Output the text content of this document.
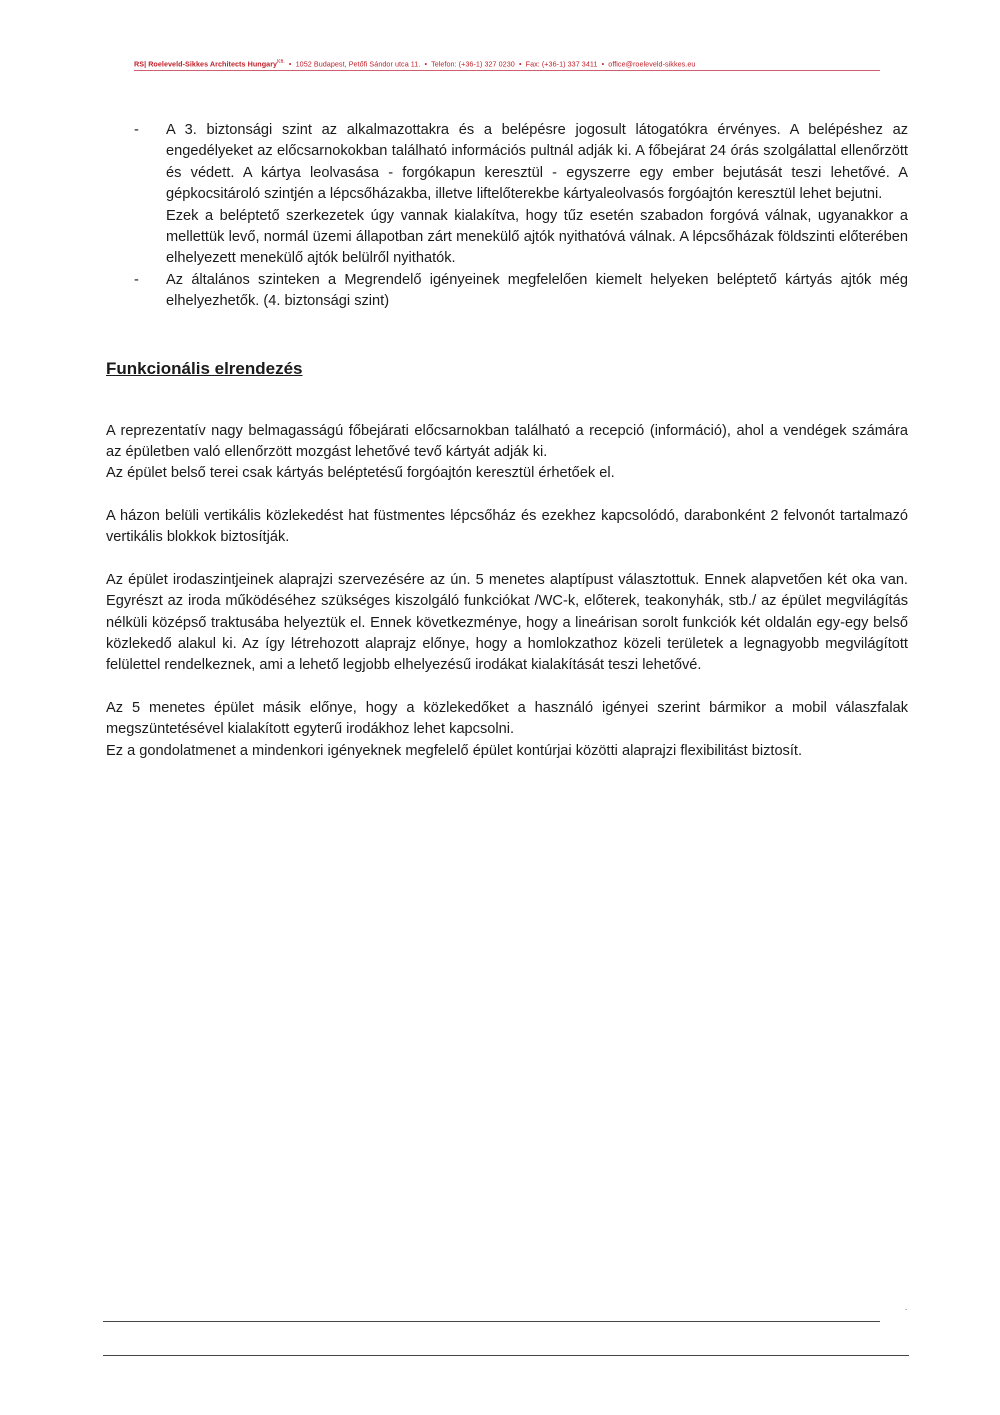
RS| Roeleveld-Sikkes Architects Hungary$^{Kft.}$ • 1052 Budapest, Petőfi Sándor utca 11. • Telefon: (+36-1) 327 0230 • Fax: (+36-1) 337 3411 • office@roeleveld-sikkes.eu
-	A 3. biztonsági szint az alkalmazottakra és a belépésre jogosult látogatókra érvényes. A belépéshez az engedélyeket az előcsarnokokban található információs pultnál adják ki. A főbejárat 24 órás szolgálattal ellenőrzött és védett. A kártya leolvasása - forgókapun keresztül - egyszerre egy ember bejutását teszi lehetővé. A gépkocsitároló szintjén a lépcsőházakba, illetve liftelőterekbe kártyaleolvasós forgóajtón keresztül lehet bejutni.

Ezek a beléptető szerkezetek úgy vannak kialakítva, hogy tűz esetén szabadon forgóvá válnak, ugyanakkor a mellettük levő, normál üzemi állapotban zárt menekülő ajtók nyithatóvá válnak. A lépcsőházak földszinti előterében elhelyezett menekülő ajtók belülről nyithatók.

-	Az általános szinteken a Megrendelő igényeinek megfelelően kiemelt helyeken beléptető kártyás ajtók még elhelyezhetők. (4. biztonsági szint)

Funkcionális elrendezés

A reprezentatív nagy belmagasságú főbejárati előcsarnokban található a recepció (információ), ahol a vendégek számára az épületben való ellenőrzött mozgást lehetővé tevő kártyát adják ki.

Az épület belső terei csak kártyás beléptetésű forgóajtón keresztül érhetőek el.

A házon belüli vertikális közlekedést hat füstmentes lépcsőház és ezekhez kapcsolódó, darabonként 2 felvonót tartalmazó vertikális blokkok biztosítják.

Az épület irodaszintjeinek alaprajzi szervezésére az ún. 5 menetes alaptípust választottuk. Ennek alapvetően két oka van. Egyrészt az iroda működéséhez szükséges kiszolgáló funkciókat /WC-k, előterek, teakonyhák, stb./ az épület megvilágítás nélküli középső traktusába helyeztük el. Ennek következménye, hogy a lineárisan sorolt funkciók két oldalán egy-egy belső közlekedő alakul ki. Az így létrehozott alaprajz előnye, hogy a homlokzathoz közeli területek a legnagyobb megvilágított felülettel rendelkeznek, ami a lehető legjobb elhelyezésű irodákat kialakítását teszi lehetővé.

Az 5 menetes épület másik előnye, hogy a közlekedőket a használó igényei szerint bármikor a mobil válaszfalak megszüntetésével kialakított egyterű irodákhoz lehet kapcsolni.

Ez a gondolatmenet a mindenkori igényeknek megfelelő épület kontúrjai közötti alaprajzi flexibilitást biztosít.

.
